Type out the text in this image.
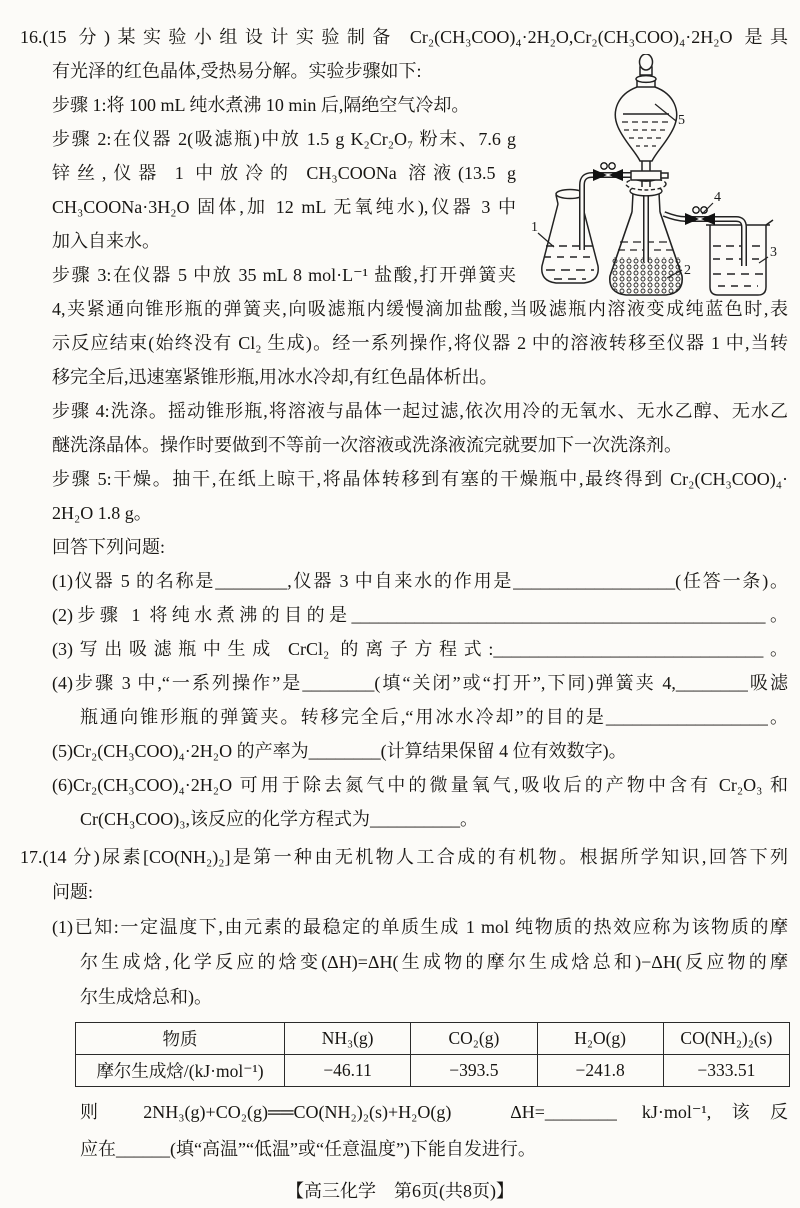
16.(15 分)某实验小组设计实验制备 Cr₂(CH₃COO)₄·2H₂O,Cr₂(CH₃COO)₄·2H₂O 是具
有光泽的红色晶体,受热易分解。实验步骤如下:
步骤 1:将 100 mL 纯水煮沸 10 min 后,隔绝空气冷却。
步骤 2:在仪器 2(吸滤瓶)中放 1.5 g K₂Cr₂O₇ 粉末、7.6 g
锌丝,仪器 1 中放冷的 CH₃COONa 溶液(13.5 g
CH₃COONa·3H₂O 固体,加 12 mL 无氧纯水),仪器 3 中
加入自来水。
步骤 3:在仪器 5 中放 35 mL 8 mol·L⁻¹ 盐酸,打开弹簧夹
4,夹紧通向锥形瓶的弹簧夹,向吸滤瓶内缓慢滴加盐酸,当吸滤瓶内溶液变成纯蓝色时,表
示反应结束(始终没有 Cl₂ 生成)。经一系列操作,将仪器 2 中的溶液转移至仪器 1 中,当转
移完全后,迅速塞紧锥形瓶,用冰水冷却,有红色晶体析出。
步骤 4:洗涤。摇动锥形瓶,将溶液与晶体一起过滤,依次用冷的无氧水、无水乙醇、无水乙
醚洗涤晶体。操作时要做到不等前一次溶液或洗涤液流完就要加下一次洗涤剂。
步骤 5:干燥。抽干,在纸上晾干,将晶体转移到有塞的干燥瓶中,最终得到 Cr₂(CH₃COO)₄·
2H₂O 1.8 g。
回答下列问题:
(1)仪器 5 的名称是________,仪器 3 中自来水的作用是__________________(任答一条)。
(2)步骤 1 将纯水煮沸的目的是______________________________________________。
(3)写出吸滤瓶中生成 CrCl₂ 的离子方程式:______________________________。
(4)步骤 3 中,“一系列操作”是________(填“关闭”或“打开”,下同)弹簧夹 4,________吸滤
瓶通向锥形瓶的弹簧夹。转移完全后,“用冰水冷却”的目的是__________________。
(5)Cr₂(CH₃COO)₄·2H₂O 的产率为________(计算结果保留 4 位有效数字)。
(6)Cr₂(CH₃COO)₄·2H₂O 可用于除去氮气中的微量氧气,吸收后的产物中含有 Cr₂O₃ 和
Cr(CH₃COO)₃,该反应的化学方程式为__________。
17.(14 分)尿素[CO(NH₂)₂]是第一种由无机物人工合成的有机物。根据所学知识,回答下列
问题:
(1)已知:一定温度下,由元素的最稳定的单质生成 1 mol 纯物质的热效应称为该物质的摩
尔生成焓,化学反应的焓变(ΔH)=ΔH(生成物的摩尔生成焓总和)−ΔH(反应物的摩
尔生成焓总和)。
物质	NH₃(g)	CO₂(g)	H₂O(g)	CO(NH₂)₂(s)
摩尔生成焓/(kJ·mol⁻¹)	−46.11	−393.5	−241.8	−333.51
则 2NH₃(g)+CO₂(g)══CO(NH₂)₂(s)+H₂O(g)　ΔH=________ kJ·mol⁻¹,该反
应在______(填“高温”“低温”或“任意温度”)下能自发进行。
【高三化学　第6页(共8页)】
1
2
3
4
5
